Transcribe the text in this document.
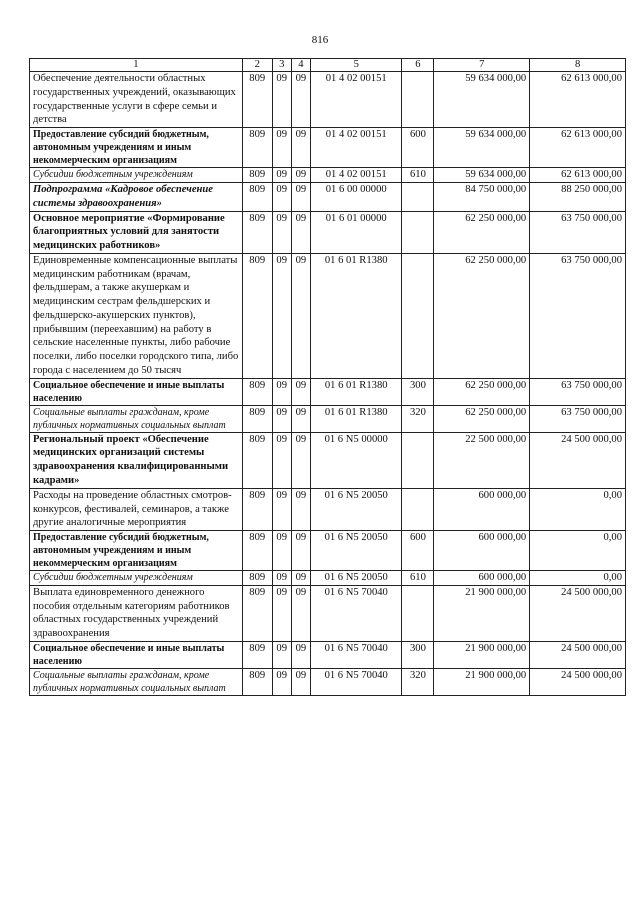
816
1	2	3	4	5	6	7	8
Обеспечение деятельности областных государственных учреждений, оказывающих государственные услуги в сфере семьи и детства	809	09	09	01 4 02 00151		59 634 000,00	62 613 000,00
Предоставление субсидий бюджетным, автономным учреждениям и иным некоммерческим организациям	809	09	09	01 4 02 00151	600	59 634 000,00	62 613 000,00
Субсидии бюджетным учреждениям	809	09	09	01 4 02 00151	610	59 634 000,00	62 613 000,00
Подпрограмма «Кадровое обеспечение системы здравоохранения»	809	09	09	01 6 00 00000		84 750 000,00	88 250 000,00
Основное мероприятие «Формирование благоприятных условий для занятости медицинских работников»	809	09	09	01 6 01 00000		62 250 000,00	63 750 000,00
Единовременные компенсационные выплаты медицинским работникам (врачам, фельдшерам, а также акушеркам и медицинским сестрам фельдшерских и фельдшерско-акушерских пунктов), прибывшим (переехавшим) на работу в сельские населенные пункты, либо рабочие поселки, либо поселки городского типа, либо города с населением до 50 тысяч	809	09	09	01 6 01 R1380		62 250 000,00	63 750 000,00
Социальное обеспечение и иные выплаты населению	809	09	09	01 6 01 R1380	300	62 250 000,00	63 750 000,00
Социальные выплаты гражданам, кроме публичных нормативных социальных выплат	809	09	09	01 6 01 R1380	320	62 250 000,00	63 750 000,00
Региональный проект «Обеспечение медицинских организаций системы здравоохранения квалифицированными кадрами»	809	09	09	01 6 N5 00000		22 500 000,00	24 500 000,00
Расходы на проведение областных смотров-конкурсов, фестивалей, семинаров, а также другие аналогичные мероприятия	809	09	09	01 6 N5 20050		600 000,00	0,00
Предоставление субсидий бюджетным, автономным учреждениям и иным некоммерческим организациям	809	09	09	01 6 N5 20050	600	600 000,00	0,00
Субсидии бюджетным учреждениям	809	09	09	01 6 N5 20050	610	600 000,00	0,00
Выплата единовременного денежного пособия отдельным категориям работников областных государственных учреждений здравоохранения	809	09	09	01 6 N5 70040		21 900 000,00	24 500 000,00
Социальное обеспечение и иные выплаты населению	809	09	09	01 6 N5 70040	300	21 900 000,00	24 500 000,00
Социальные выплаты гражданам, кроме публичных нормативных социальных выплат	809	09	09	01 6 N5 70040	320	21 900 000,00	24 500 000,00
